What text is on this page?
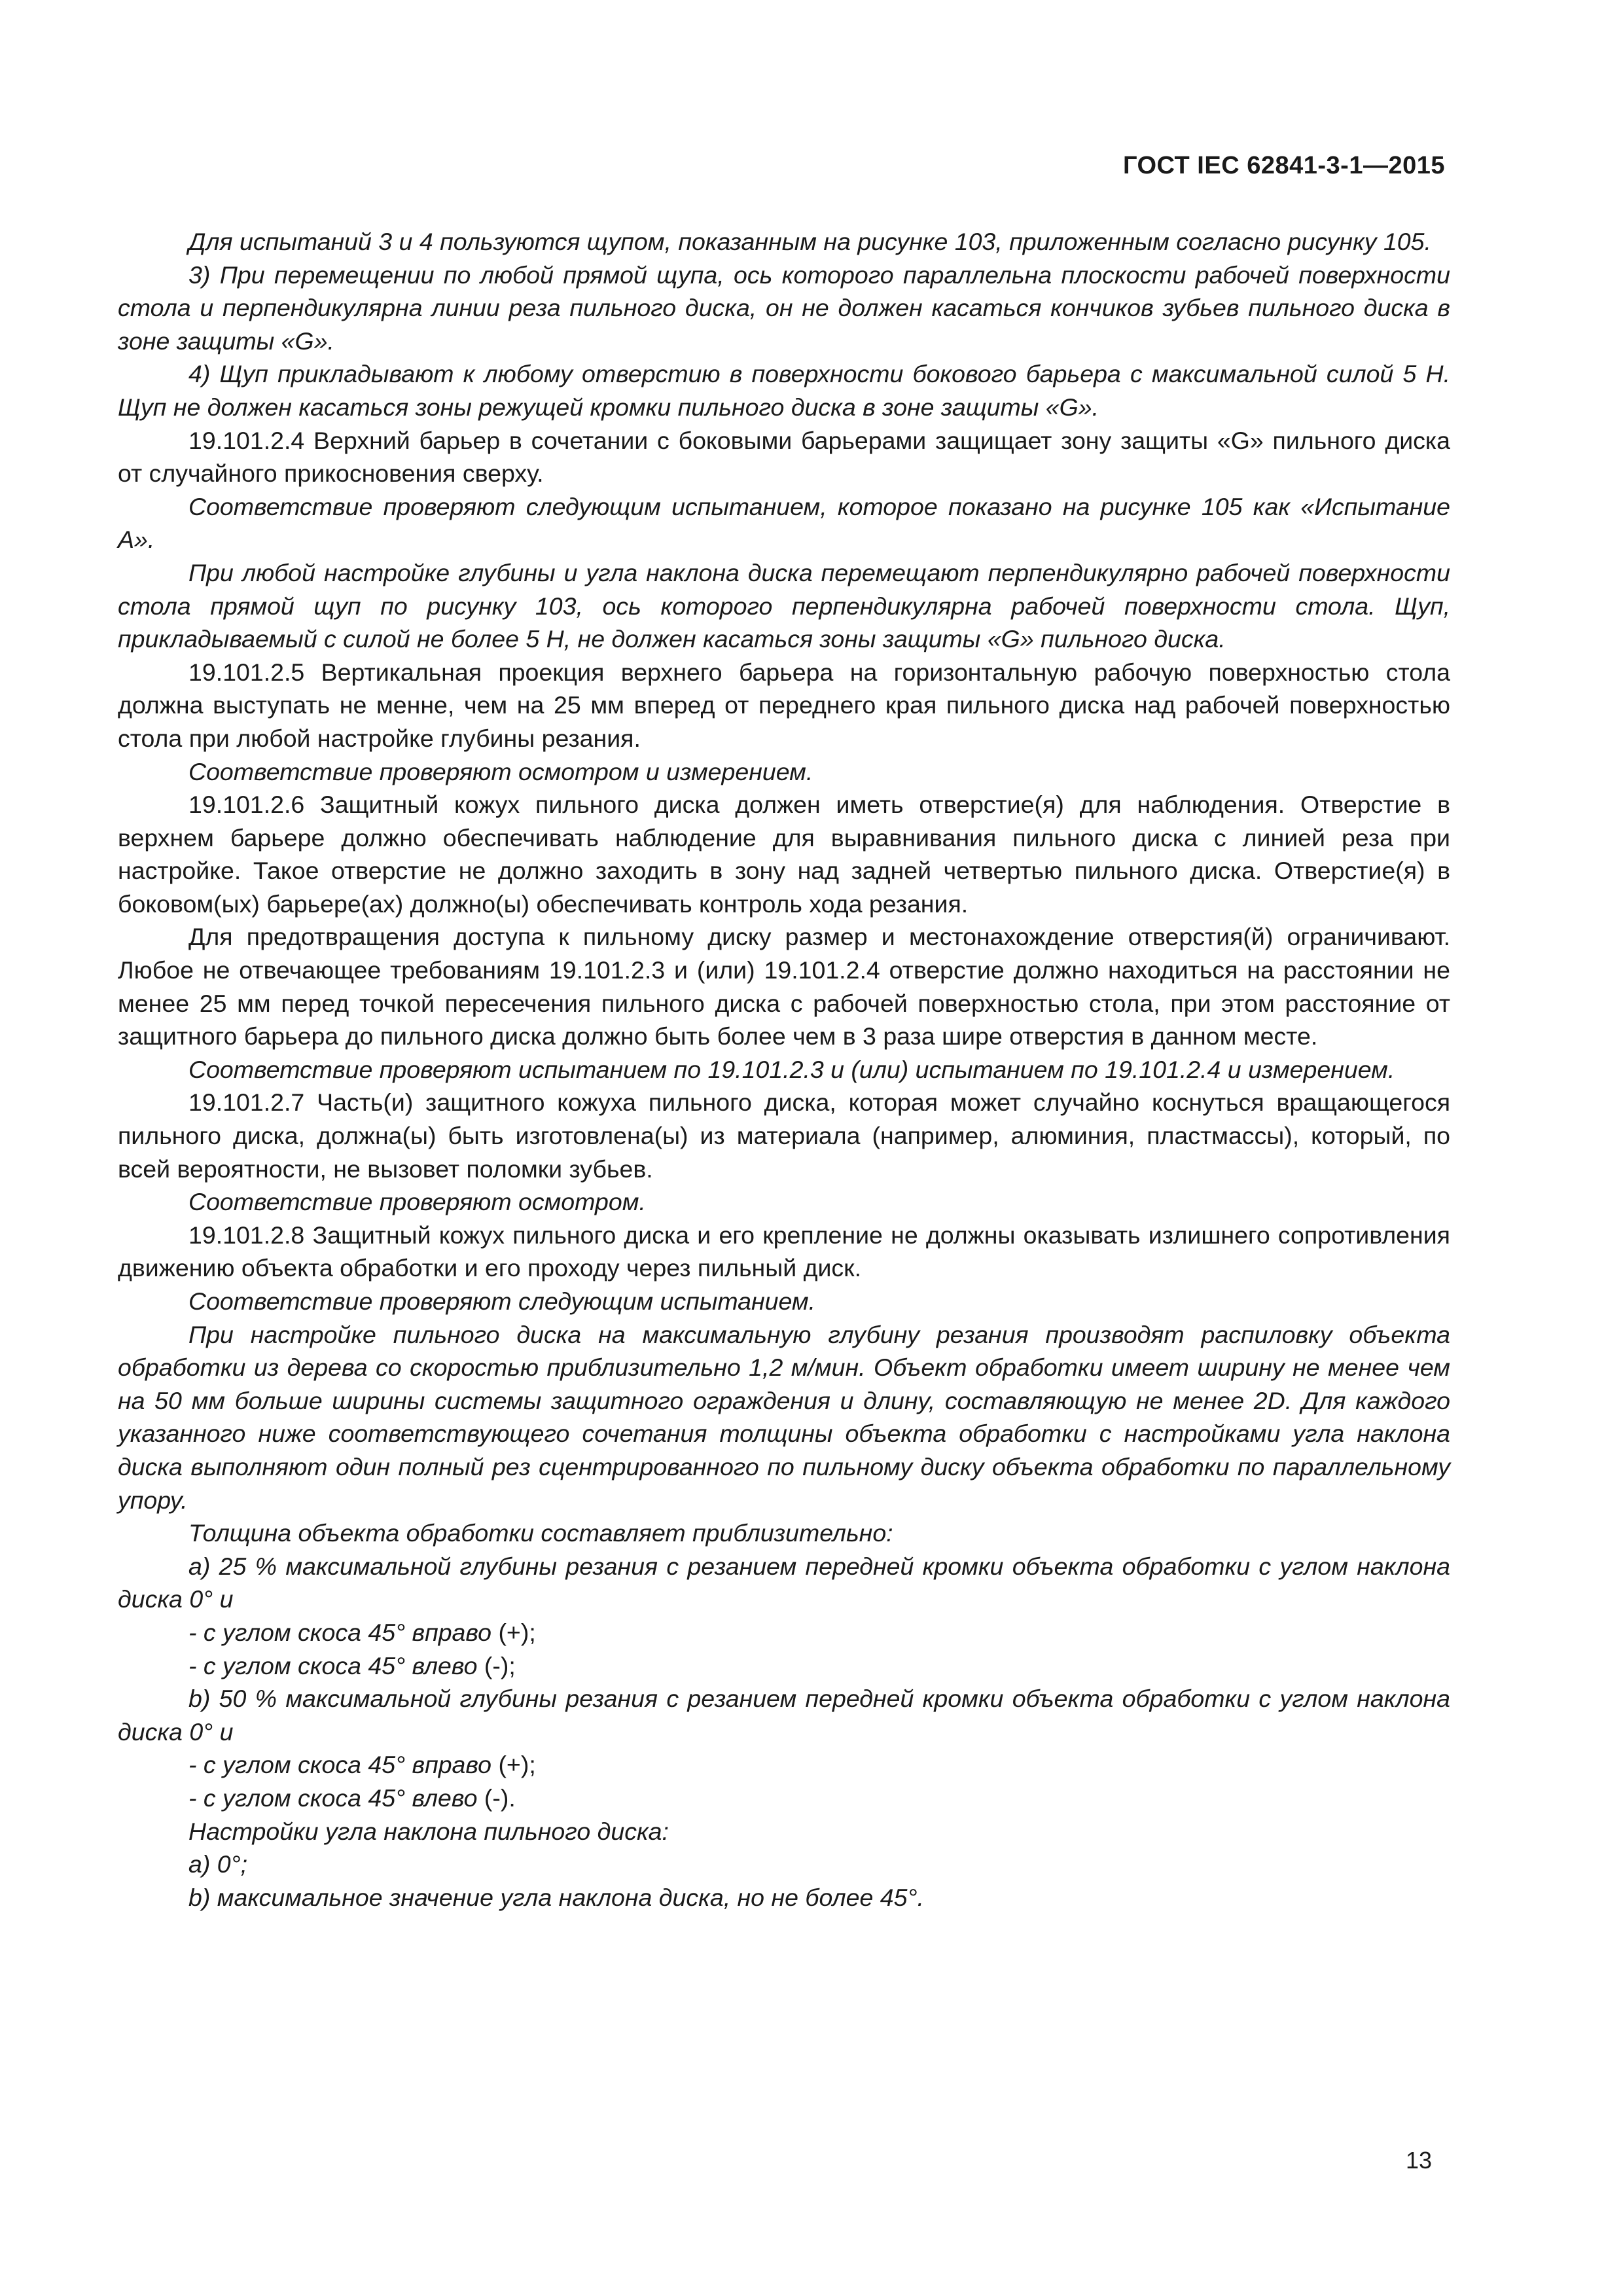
ГОСТ IEC 62841-3-1—2015

Для испытаний 3 и 4 пользуются щупом, показанным на рисунке 103, приложенным согласно рисунку 105.

3) При перемещении по любой прямой щупа, ось которого параллельна плоскости рабочей поверхности стола и перпендикулярна линии реза пильного диска, он не должен касаться кончиков зубьев пильного диска в зоне защиты «G».

4) Щуп прикладывают к любому отверстию в поверхности бокового барьера с максимальной силой 5 Н. Щуп не должен касаться зоны режущей кромки пильного диска в зоне защиты «G».

19.101.2.4 Верхний барьер в сочетании с боковыми барьерами защищает зону защиты «G» пильного диска от случайного прикосновения сверху.

Соответствие проверяют следующим испытанием, которое показано на рисунке 105 как «Испытание А».

При любой настройке глубины и угла наклона диска перемещают перпендикулярно рабочей поверхности стола прямой щуп по рисунку 103, ось которого перпендикулярна рабочей поверхности стола. Щуп, прикладываемый с силой не более 5 Н, не должен касаться зоны защиты «G» пильного диска.

19.101.2.5 Вертикальная проекция верхнего барьера на горизонтальную рабочую поверхностью стола должна выступать не менне, чем на 25 мм вперед от переднего края пильного диска над рабочей поверхностью стола при любой настройке глубины резания.

Соответствие проверяют осмотром и измерением.

19.101.2.6 Защитный кожух пильного диска должен иметь отверстие(я) для наблюдения. Отверстие в верхнем барьере должно обеспечивать наблюдение для выравнивания пильного диска с линией реза при настройке. Такое отверстие не должно заходить в зону над задней четвертью пильного диска. Отверстие(я) в боковом(ых) барьере(ах) должно(ы) обеспечивать контроль хода резания.

Для предотвращения доступа к пильному диску размер и местонахождение отверстия(й) ограничивают. Любое не отвечающее требованиям 19.101.2.3 и (или) 19.101.2.4 отверстие должно находиться на расстоянии не менее 25 мм перед точкой пересечения пильного диска с рабочей поверхностью стола, при этом расстояние от защитного барьера до пильного диска должно быть более чем в 3 раза шире отверстия в данном месте.

Соответствие проверяют испытанием по 19.101.2.3 и (или) испытанием по 19.101.2.4 и измерением.

19.101.2.7 Часть(и) защитного кожуха пильного диска, которая может случайно коснуться вращающегося пильного диска, должна(ы) быть изготовлена(ы) из материала (например, алюминия, пластмассы), который, по всей вероятности, не вызовет поломки зубьев.

Соответствие проверяют осмотром.

19.101.2.8 Защитный кожух пильного диска и его крепление не должны оказывать излишнего сопротивления движению объекта обработки и его проходу через пильный диск.

Соответствие проверяют следующим испытанием.

При настройке пильного диска на максимальную глубину резания производят распиловку объекта обработки из дерева со скоростью приблизительно 1,2 м/мин. Объект обработки имеет ширину не менее чем на 50 мм больше ширины системы защитного ограждения и длину, составляющую не менее 2D. Для каждого указанного ниже соответствующего сочетания толщины объекта обработки с настройками угла наклона диска выполняют один полный рез сцентрированного по пильному диску объекта обработки по параллельному упору.

Толщина объекта обработки составляет приблизительно:

а) 25 % максимальной глубины резания с резанием передней кромки объекта обработки с углом наклона диска 0° и

- с углом скоса 45° вправо (+);

- с углом скоса 45° влево (-);

b) 50 % максимальной глубины резания с резанием передней кромки объекта обработки с углом наклона диска 0° и

- с углом скоса 45° вправо (+);

- с углом скоса 45° влево (-).

Настройки угла наклона пильного диска:

а) 0°;

b) максимальное значение угла наклона диска, но не более 45°.

13
